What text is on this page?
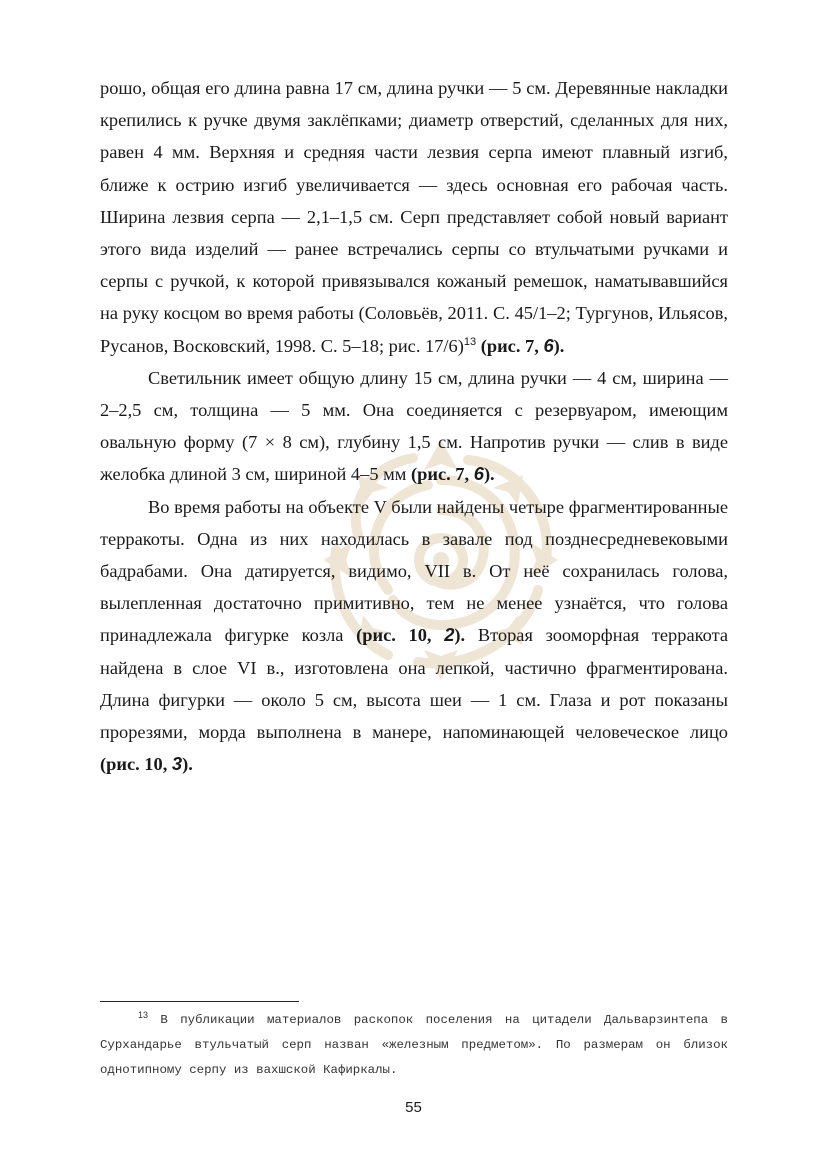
рошо, общая его длина равна 17 см, длина ручки — 5 см. Деревянные накладки крепились к ручке двумя заклёпками; диаметр отверстий, сделанных для них, равен 4 мм. Верхняя и средняя части лезвия серпа имеют плавный изгиб, ближе к острию изгиб увеличивается — здесь основная его рабочая часть. Ширина лезвия серпа — 2,1–1,5 см. Серп представляет собой новый вариант этого вида изделий — ранее встречались серпы со втульчатыми ручками и серпы с ручкой, к которой привязывался кожаный ремешок, наматывавшийся на руку косцом во время работы (Соловьёв, 2011. С. 45/1–2; Тургунов, Ильясов, Русанов, Восковский, 1998. С. 5–18; рис. 17/6)$^{13}$ (рис. 7, 6).

Светильник имеет общую длину 15 см, длина ручки — 4 см, ширина — 2–2,5 см, толщина — 5 мм. Она соединяется с резервуаром, имеющим овальную форму (7 × 8 см), глубину 1,5 см. Напротив ручки — слив в виде желобка длиной 3 см, шириной 4–5 мм (рис. 7, 6).

Во время работы на объекте V были найдены четыре фрагментированные терракоты. Одна из них находилась в завале под позднесредневековыми бадрабами. Она датируется, видимо, VII в. От неё сохранилась голова, вылепленная достаточно примитивно, тем не менее узнаётся, что голова принадлежала фигурке козла (рис. 10, 2). Вторая зооморфная терракота найдена в слое VI в., изготовлена она лепкой, частично фрагментирована. Длина фигурки — около 5 см, высота шеи — 1 см. Глаза и рот показаны прорезями, морда выполнена в манере, напоминающей человеческое лицо (рис. 10, 3).

$^{13}$ В публикации материалов раскопок поселения на цитадели Дальварзинтепа в Сурхандарье втульчатый серп назван «железным предметом». По размерам он близок однотипному серпу из вахшской Кафиркалы.

55
